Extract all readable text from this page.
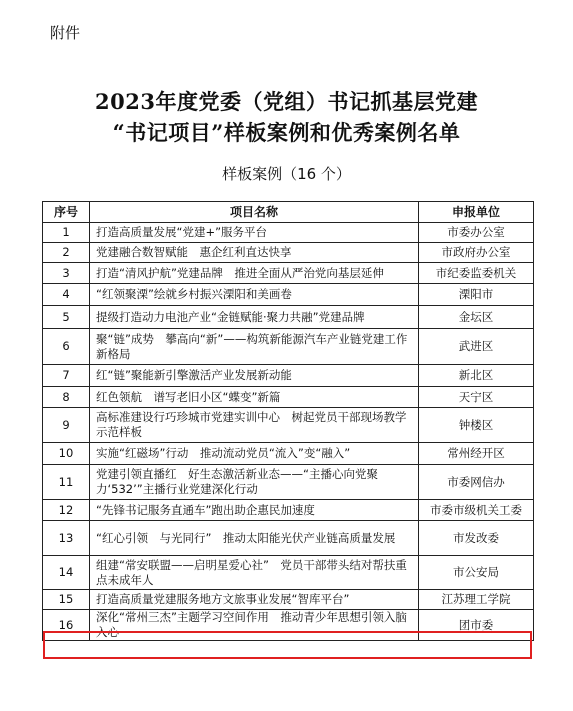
附件
2023年度党委（党组）书记抓基层党建
“书记项目”样板案例和优秀案例名单
样板案例（16 个）
序号	项目名称	申报单位
1	打造高质量发展“党建+”服务平台	市委办公室
2	党建融合数智赋能　惠企红利直达快享	市政府办公室
3	打造“清风护航”党建品牌　推进全面从严治党向基层延伸	市纪委监委机关
4	“红领聚溧”绘就乡村振兴溧阳和美画卷	溧阳市
5	提级打造动力电池产业“金链赋能·聚力共融”党建品牌	金坛区
6	聚“链”成势　攀高向“新”——构筑新能源汽车产业链党建工作新格局	武进区
7	红“链”聚能新引擎激活产业发展新动能	新北区
8	红色领航　谱写老旧小区“蝶变”新篇	天宁区
9	高标准建设行巧珍城市党建实训中心　树起党员干部现场教学示范样板	钟楼区
10	实施“红磁场”行动　推动流动党员“流入”变“融入”	常州经开区
11	党建引领直播红　好生态激活新业态——“主播心向党聚力‘532’”主播行业党建深化行动	市委网信办
12	“先锋书记服务直通车”跑出助企惠民加速度	市委市级机关工委
13	“红心引领　与光同行”　推动太阳能光伏产业链高质量发展	市发改委
14	组建“常安联盟——启明星爱心社”　党员干部带头结对帮扶重点未成年人	市公安局
15	打造高质量党建服务地方文旅事业发展“智库平台”	江苏理工学院
16	深化“常州三杰”主题学习空间作用　推动青少年思想引领入脑入心	团市委
